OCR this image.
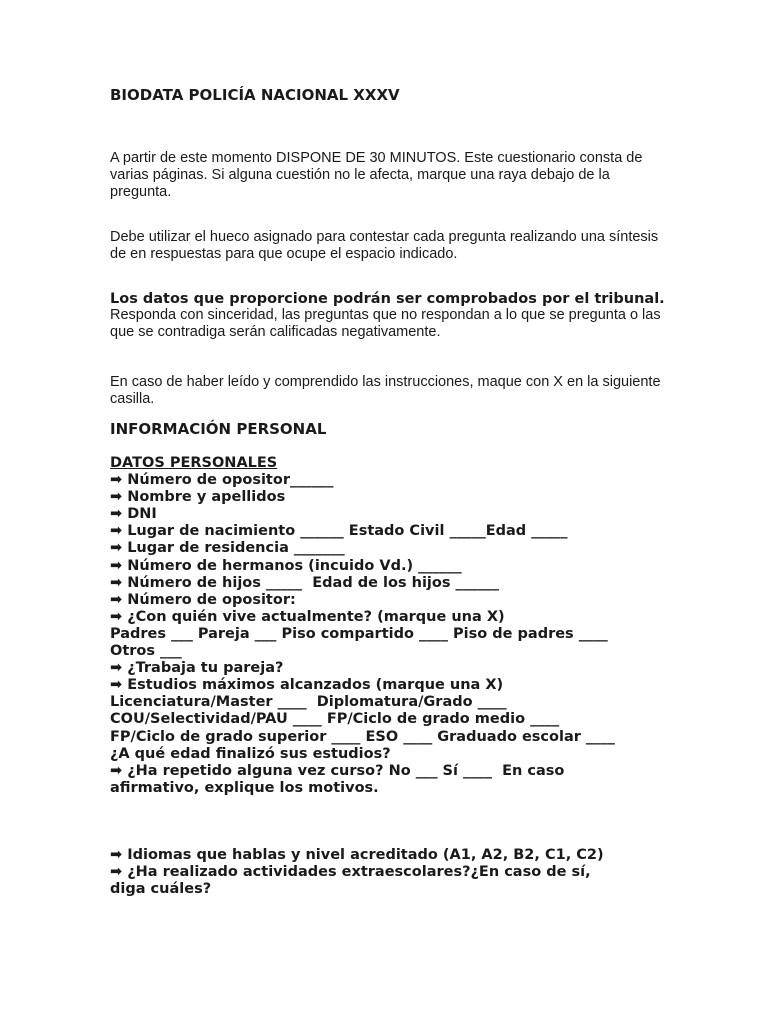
BIODATA POLICÍA NACIONAL XXXV

A partir de este momento DISPONE DE 30 MINUTOS. Este cuestionario consta de varias páginas. Si alguna cuestión no le afecta, marque una raya debajo de la pregunta.

Debe utilizar el hueco asignado para contestar cada pregunta realizando una síntesis de en respuestas para que ocupe el espacio indicado.

Los datos que proporcione podrán ser comprobados por el tribunal.

Responda con sinceridad, las preguntas que no respondan a lo que se pregunta o las que se contradiga serán calificadas negativamente.

En caso de haber leído y comprendido las instrucciones, maque con X en la siguiente casilla.

INFORMACIÓN PERSONAL
DATOS PERSONALES
➡ Número de opositor______
➡ Nombre y apellidos
➡ DNI
➡ Lugar de nacimiento ______ Estado Civil _____Edad _____
➡ Lugar de residencia _______
➡ Número de hermanos (incuido Vd.) ______
➡ Número de hijos _____  Edad de los hijos ______
➡ Número de opositor:
➡ ¿Con quién vive actualmente? (marque una X)
Padres ___ Pareja ___ Piso compartido ____ Piso de padres ____
Otros ___
➡ ¿Trabaja tu pareja?
➡ Estudios máximos alcanzados (marque una X)
Licenciatura/Master ____  Diplomatura/Grado ____
COU/Selectividad/PAU ____ FP/Ciclo de grado medio ____
FP/Ciclo de grado superior ____ ESO ____ Graduado escolar ____
¿A qué edad finalizó sus estudios?
➡ ¿Ha repetido alguna vez curso? No ___ Sí ____  En caso
afirmativo, explique los motivos.
➡ Idiomas que hablas y nivel acreditado (A1, A2, B2, C1, C2)
➡ ¿Ha realizado actividades extraescolares?¿En caso de sí,
diga cuáles?
